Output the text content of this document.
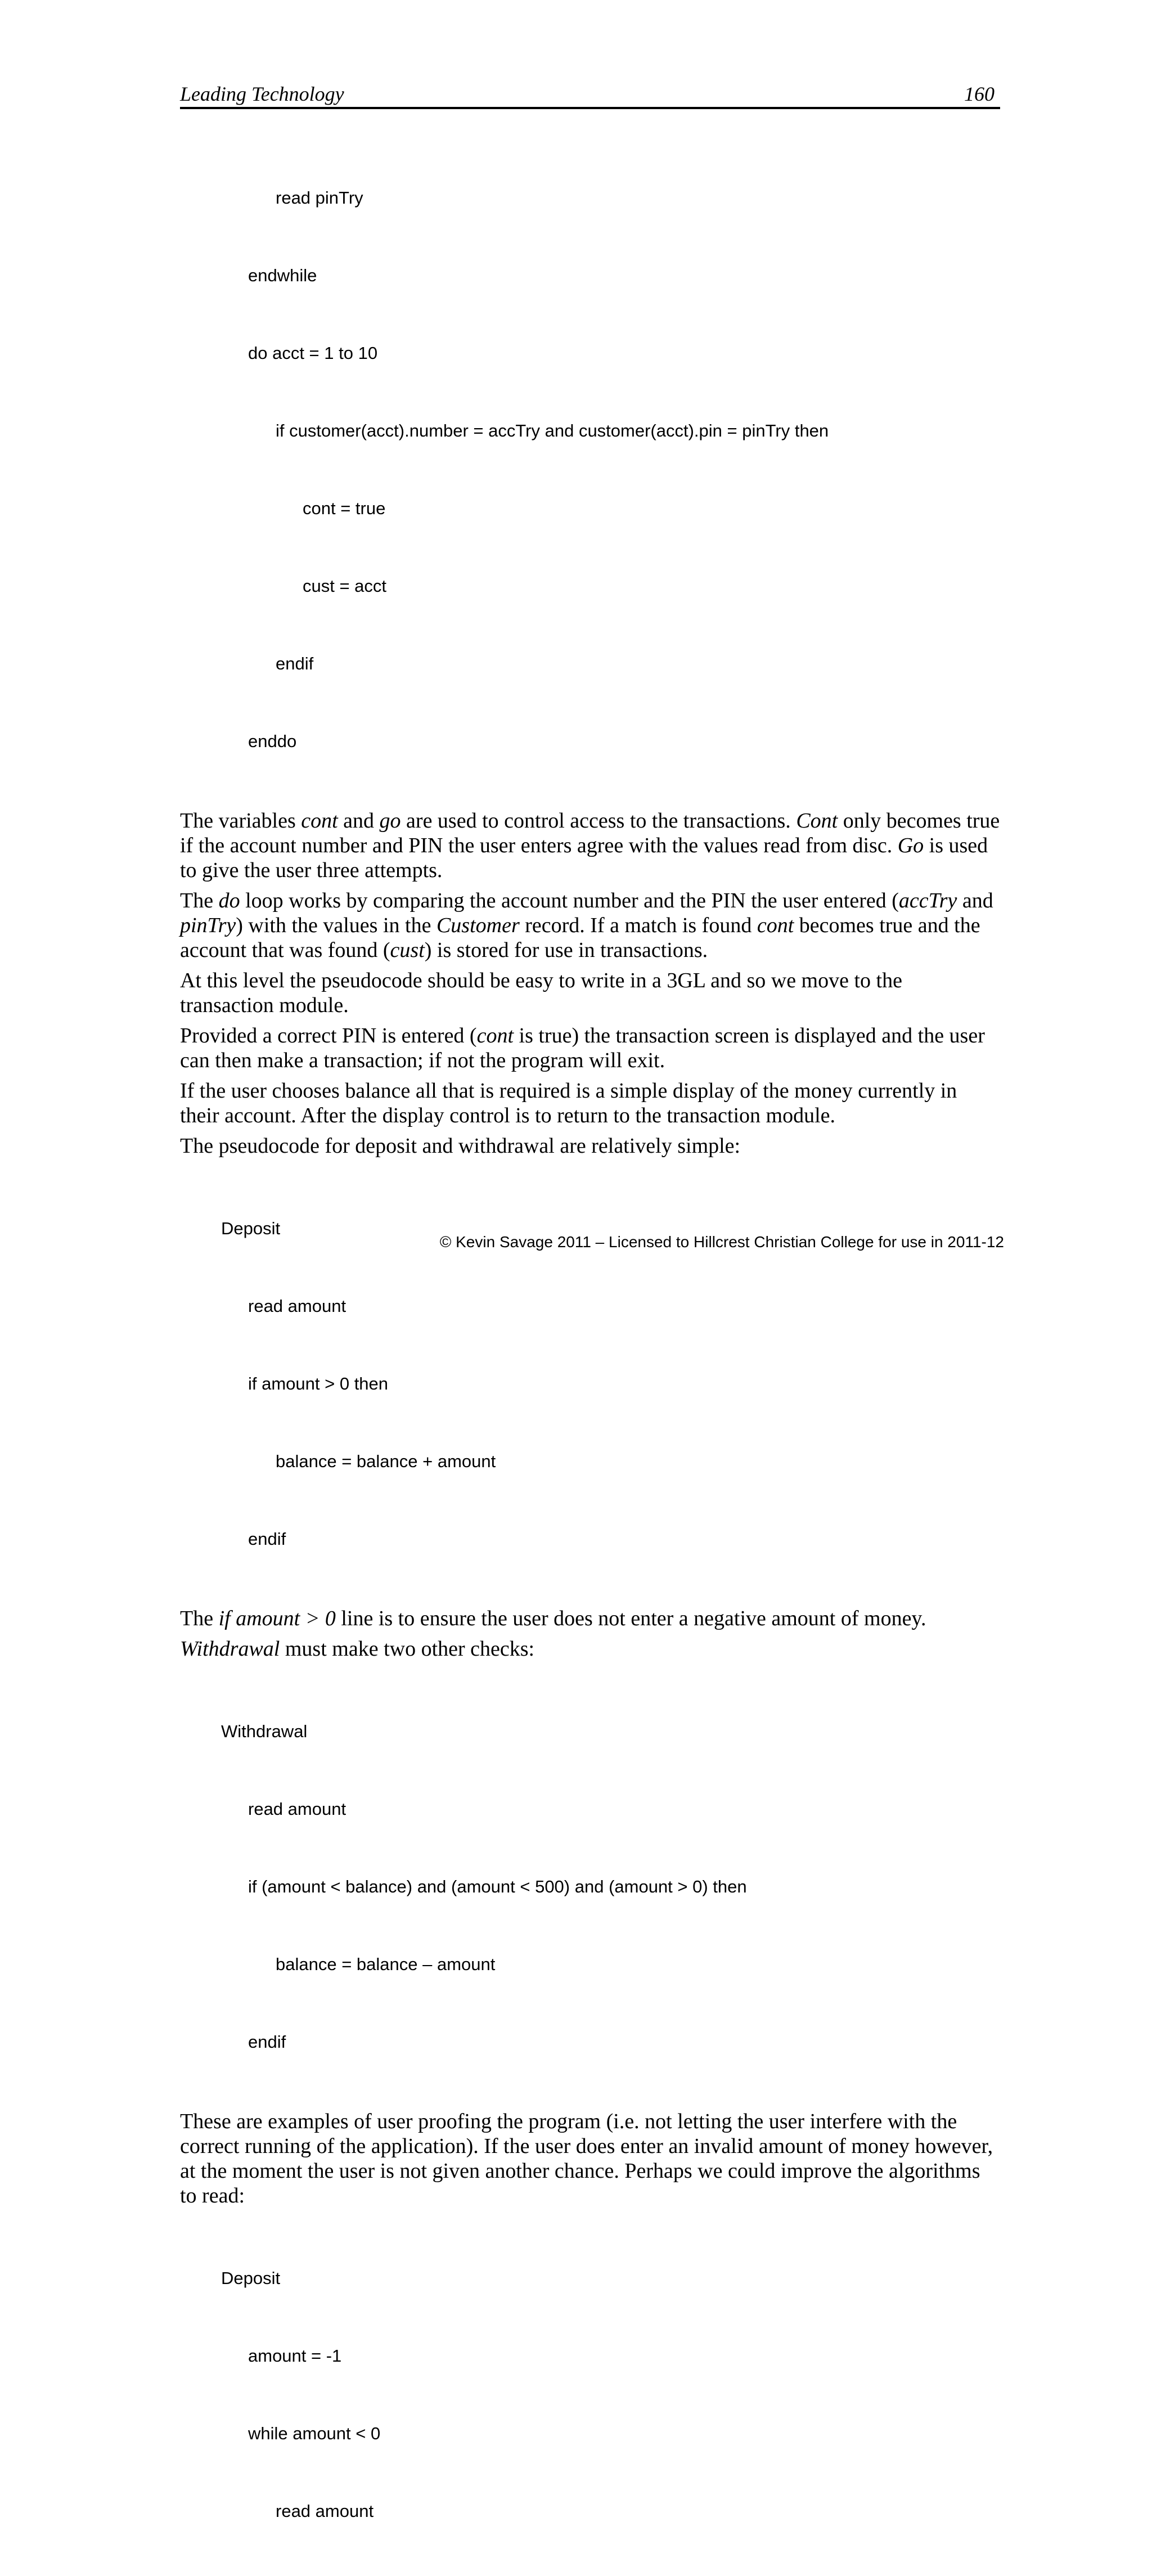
Leading Technology	160

read pinTry

endwhile

do acct = 1 to 10

if customer(acct).number = accTry and customer(acct).pin = pinTry then

cont = true

cust = acct

endif

enddo

The variables cont and go are used to control access to the transactions. Cont only becomes true if the account number and PIN the user enters agree with the values read from disc. Go is used to give the user three attempts.

The do loop works by comparing the account number and the PIN the user entered (accTry and pinTry) with the values in the Customer record. If a match is found cont becomes true and the account that was found (cust) is stored for use in transactions.

At this level the pseudocode should be easy to write in a 3GL and so we move to the transaction module.

Provided a correct PIN is entered (cont is true) the transaction screen is displayed and the user can then make a transaction; if not the program will exit.

If the user chooses balance all that is required is a simple display of the money currently in their account. After the display control is to return to the transaction module.

The pseudocode for deposit and withdrawal are relatively simple:

Deposit

read amount

if amount > 0 then

balance = balance + amount

endif

The if amount > 0 line is to ensure the user does not enter a negative amount of money.

Withdrawal must make two other checks:

Withdrawal

read amount

if (amount < balance) and (amount < 500) and (amount > 0) then

balance = balance – amount

endif

These are examples of user proofing the program (i.e. not letting the user interfere with the correct running of the application). If the user does enter an invalid amount of money however, at the moment the user is not given another chance. Perhaps we could improve the algorithms to read:

Deposit

amount = -1

while amount < 0

read amount

© Kevin Savage 2011 – Licensed to Hillcrest Christian College for use in 2011-12
